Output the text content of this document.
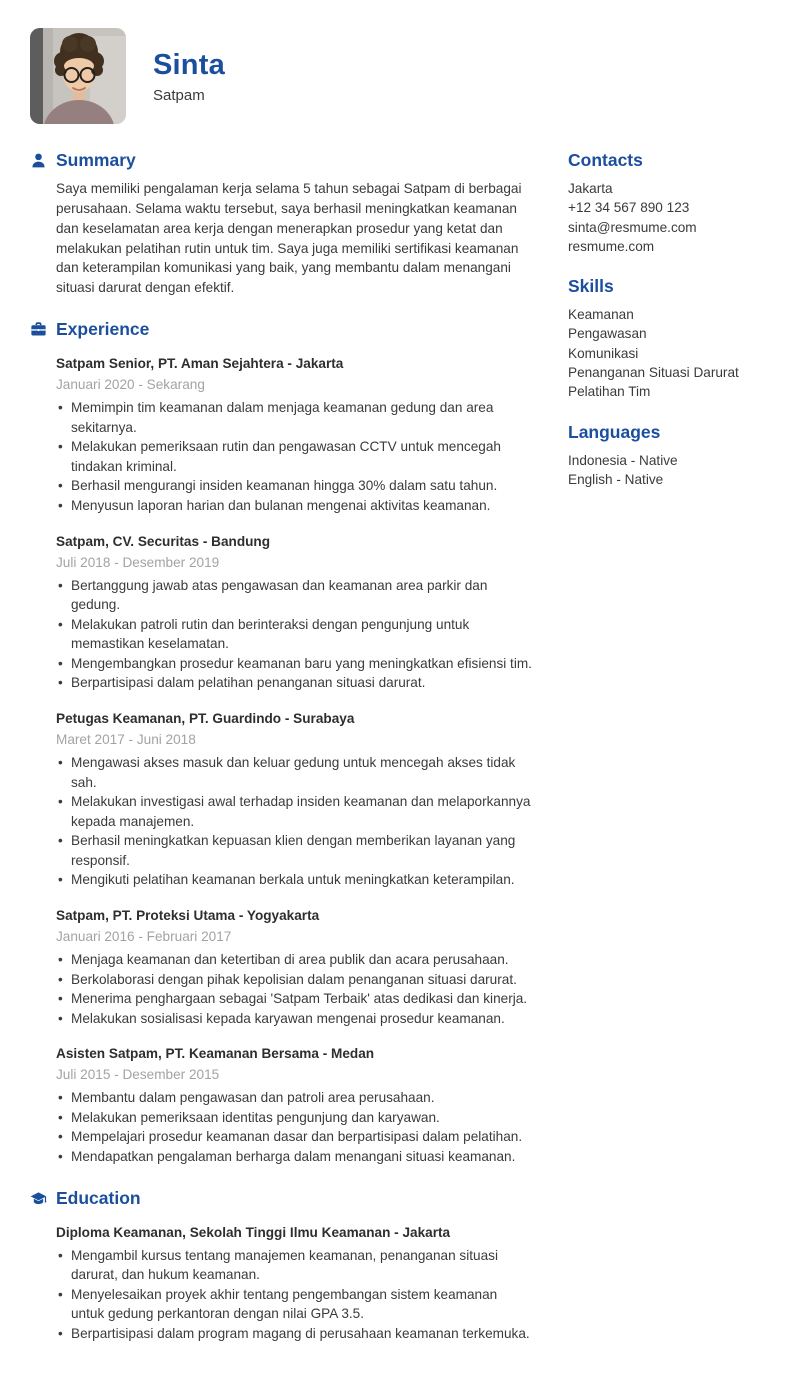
Sinta
Satpam
Summary
Saya memiliki pengalaman kerja selama 5 tahun sebagai Satpam di berbagai perusahaan. Selama waktu tersebut, saya berhasil meningkatkan keamanan dan keselamatan area kerja dengan menerapkan prosedur yang ketat dan melakukan pelatihan rutin untuk tim. Saya juga memiliki sertifikasi keamanan dan keterampilan komunikasi yang baik, yang membantu dalam menangani situasi darurat dengan efektif.
Experience
Satpam Senior, PT. Aman Sejahtera - Jakarta
Januari 2020 - Sekarang
• Memimpin tim keamanan dalam menjaga keamanan gedung dan area sekitarnya.
• Melakukan pemeriksaan rutin dan pengawasan CCTV untuk mencegah tindakan kriminal.
• Berhasil mengurangi insiden keamanan hingga 30% dalam satu tahun.
• Menyusun laporan harian dan bulanan mengenai aktivitas keamanan.
Satpam, CV. Securitas - Bandung
Juli 2018 - Desember 2019
• Bertanggung jawab atas pengawasan dan keamanan area parkir dan gedung.
• Melakukan patroli rutin dan berinteraksi dengan pengunjung untuk memastikan keselamatan.
• Mengembangkan prosedur keamanan baru yang meningkatkan efisiensi tim.
• Berpartisipasi dalam pelatihan penanganan situasi darurat.
Petugas Keamanan, PT. Guardindo - Surabaya
Maret 2017 - Juni 2018
• Mengawasi akses masuk dan keluar gedung untuk mencegah akses tidak sah.
• Melakukan investigasi awal terhadap insiden keamanan dan melaporkannya kepada manajemen.
• Berhasil meningkatkan kepuasan klien dengan memberikan layanan yang responsif.
• Mengikuti pelatihan keamanan berkala untuk meningkatkan keterampilan.
Satpam, PT. Proteksi Utama - Yogyakarta
Januari 2016 - Februari 2017
• Menjaga keamanan dan ketertiban di area publik dan acara perusahaan.
• Berkolaborasi dengan pihak kepolisian dalam penanganan situasi darurat.
• Menerima penghargaan sebagai 'Satpam Terbaik' atas dedikasi dan kinerja.
• Melakukan sosialisasi kepada karyawan mengenai prosedur keamanan.
Asisten Satpam, PT. Keamanan Bersama - Medan
Juli 2015 - Desember 2015
• Membantu dalam pengawasan dan patroli area perusahaan.
• Melakukan pemeriksaan identitas pengunjung dan karyawan.
• Mempelajari prosedur keamanan dasar dan berpartisipasi dalam pelatihan.
• Mendapatkan pengalaman berharga dalam menangani situasi keamanan.
Education
Diploma Keamanan, Sekolah Tinggi Ilmu Keamanan - Jakarta
• Mengambil kursus tentang manajemen keamanan, penanganan situasi darurat, dan hukum keamanan.
• Menyelesaikan proyek akhir tentang pengembangan sistem keamanan untuk gedung perkantoran dengan nilai GPA 3.5.
• Berpartisipasi dalam program magang di perusahaan keamanan terkemuka.
Contacts
Jakarta
+12 34 567 890 123
sinta@resmume.com
resmume.com
Skills
Keamanan
Pengawasan
Komunikasi
Penanganan Situasi Darurat
Pelatihan Tim
Languages
Indonesia - Native
English - Native
